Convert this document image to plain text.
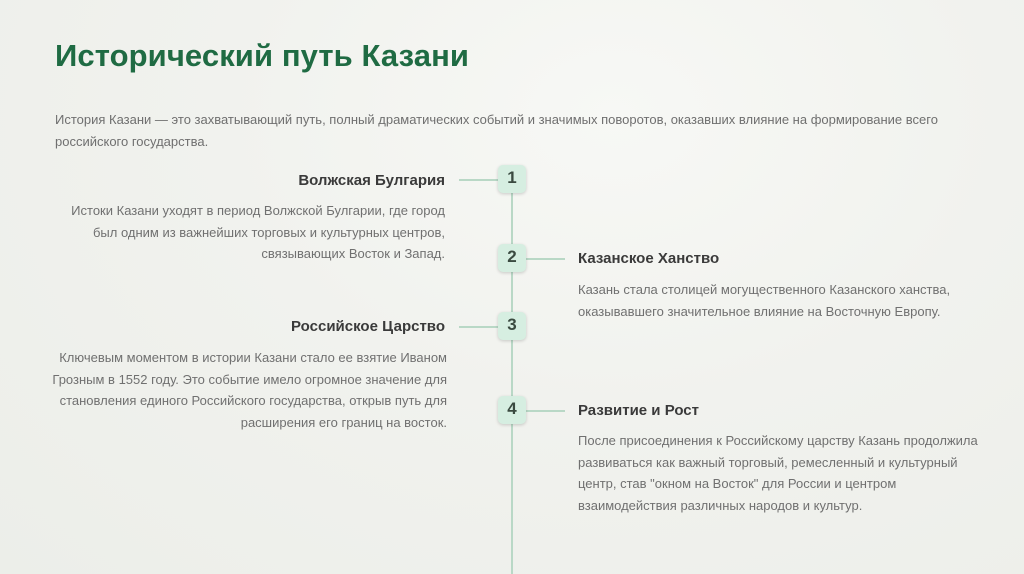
Исторический путь Казани

История Казани — это захватывающий путь, полный драматических событий и значимых поворотов, оказавших влияние на формирование всего российского государства.

1
Волжская Булгария

Истоки Казани уходят в период Волжской Булгарии, где город был одним из важнейших торговых и культурных центров, связывающих Восток и Запад.	2	Казанское Ханство

Казань стала столицей могущественного Казанского ханства, оказывавшего значительное влияние на Восточную Европу.

3
Российское Царство

Ключевым моментом в истории Казани стало ее взятие Иваном Грозным в 1552 году. Это событие имело огромное значение для становления единого Российского государства, открыв путь для расширения его границ на восток.

4	Развитие и Рост

После присоединения к Российскому царству Казань продолжила развиваться как важный торговый, ремесленный и культурный центр, став "окном на Восток" для России и центром взаимодействия различных народов и культур.
